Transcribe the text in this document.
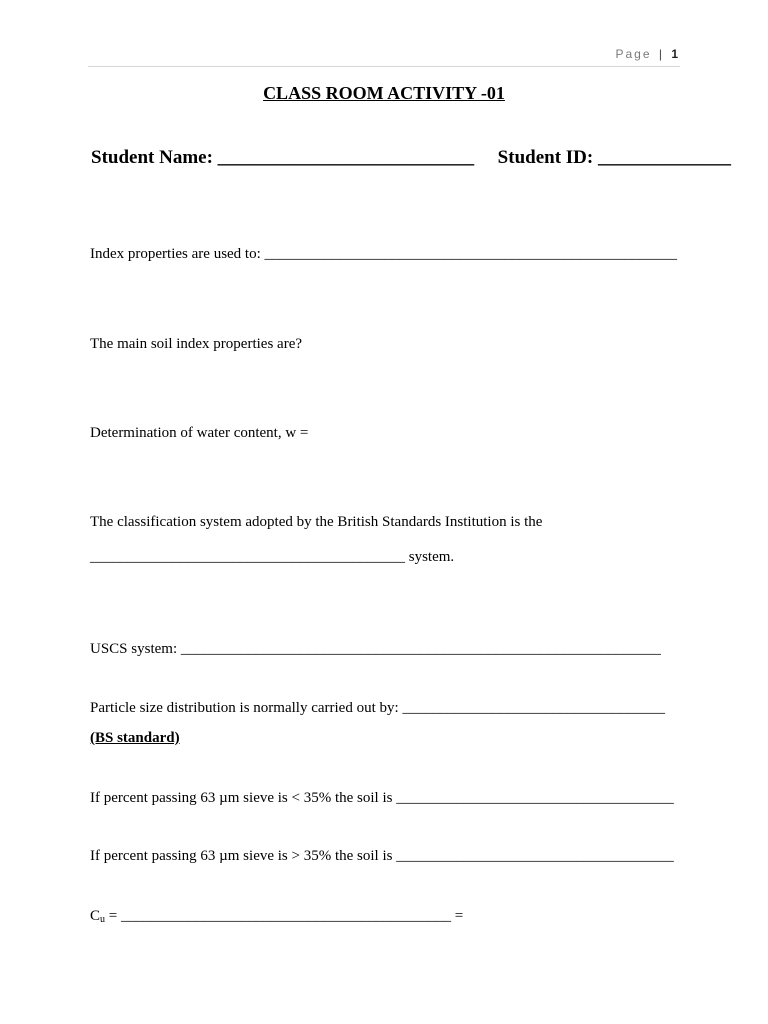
Page | 1
CLASS ROOM ACTIVITY -01
Student Name: ___________________________ Student ID: ______________
Index properties are used to: _______________________________________________________
The main soil index properties are?
Determination of water content, w =
The classification system adopted by the British Standards Institution is the
__________________________________________ system.
USCS system: ________________________________________________________________
Particle size distribution is normally carried out by: ___________________________________
(BS standard)
If percent passing 63 µm sieve is < 35% the soil is _____________________________________
If percent passing 63 µm sieve is > 35% the soil is _____________________________________
$C_u$ = ____________________________________________ =
